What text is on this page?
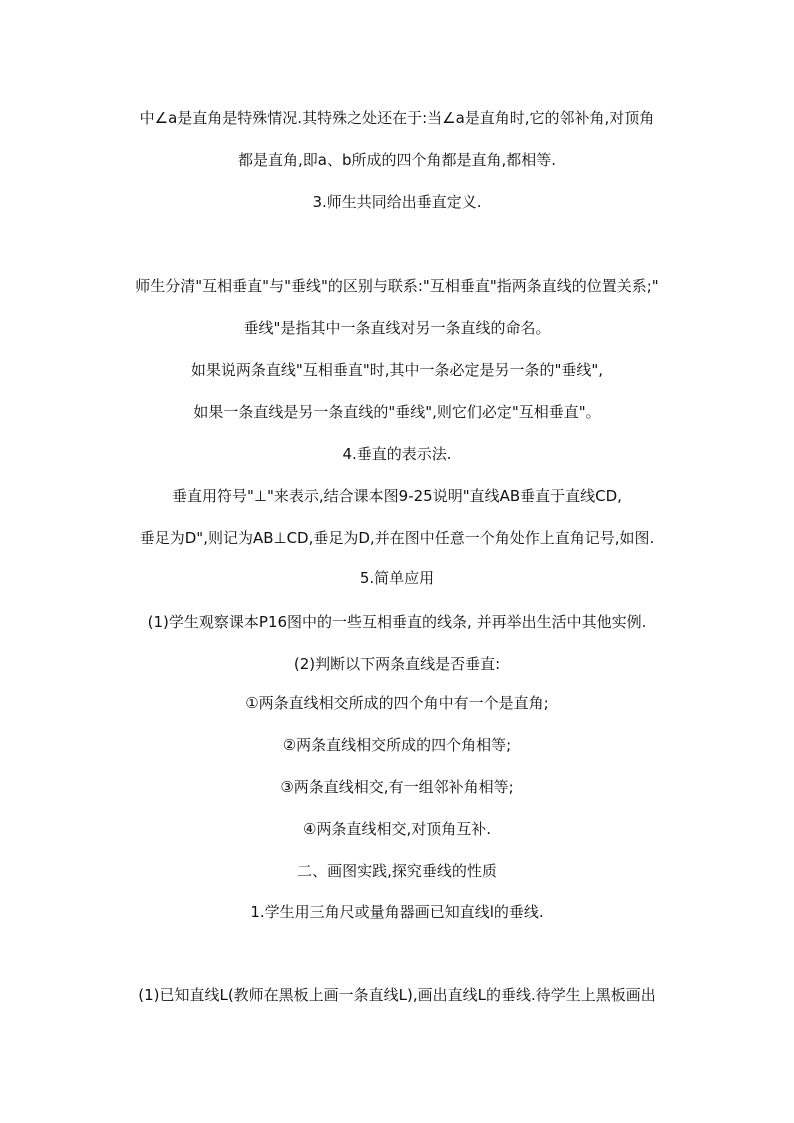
中∠a是直角是特殊情况.其特殊之处还在于:当∠a是直角时,它的邻补角,对顶角
都是直角,即a、b所成的四个角都是直角,都相等.
3.师生共同给出垂直定义.
师生分清"互相垂直"与"垂线"的区别与联系:"互相垂直"指两条直线的位置关系;"
垂线"是指其中一条直线对另一条直线的命名。
如果说两条直线"互相垂直"时,其中一条必定是另一条的"垂线",
如果一条直线是另一条直线的"垂线",则它们必定"互相垂直"。
4.垂直的表示法.
垂直用符号"⊥"来表示,结合课本图9-25说明"直线AB垂直于直线CD,
垂足为D",则记为AB⊥CD,垂足为D,并在图中任意一个角处作上直角记号,如图.
5.简单应用
(1)学生观察课本P16图中的一些互相垂直的线条, 并再举出生活中其他实例.
(2)判断以下两条直线是否垂直:
①两条直线相交所成的四个角中有一个是直角;
②两条直线相交所成的四个角相等;
③两条直线相交,有一组邻补角相等;
④两条直线相交,对顶角互补.
二、画图实践,探究垂线的性质
1.学生用三角尺或量角器画已知直线l的垂线.
(1)已知直线L(教师在黑板上画一条直线L),画出直线L的垂线.待学生上黑板画出
